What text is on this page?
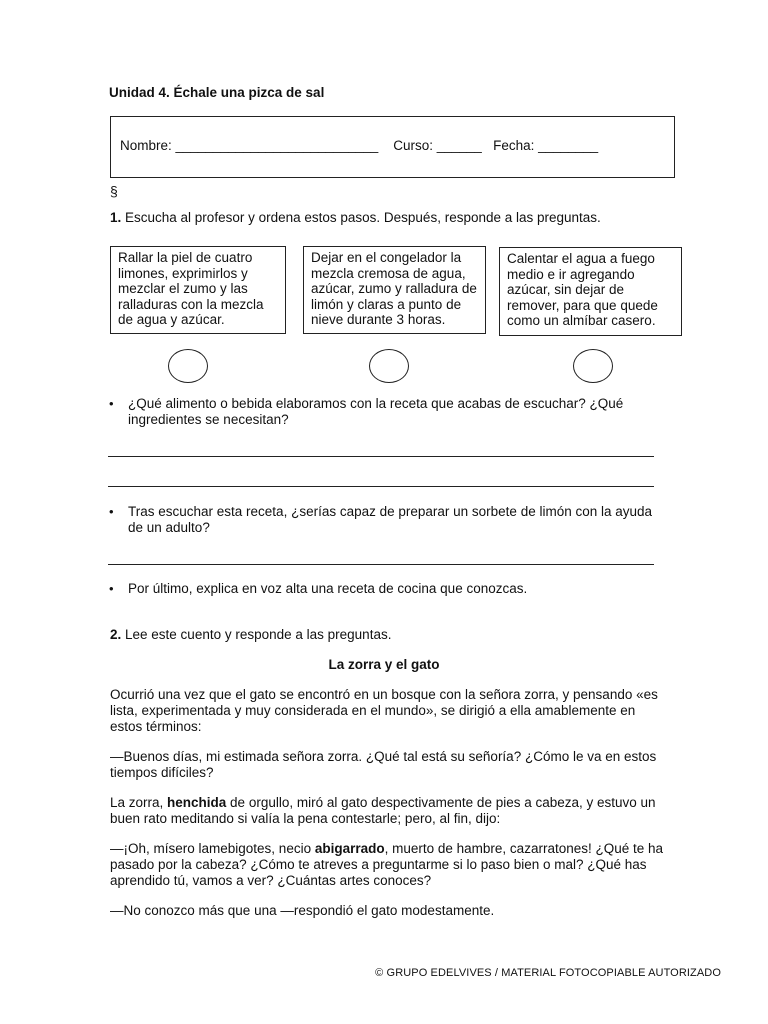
Unidad 4. Échale una pizca de sal
Nombre: ___________________________ Curso: ______ Fecha: ________
§
1. Escucha al profesor y ordena estos pasos. Después, responde a las preguntas.
Rallar la piel de cuatro limones, exprimirlos y mezclar el zumo y las ralladuras con la mezcla de agua y azúcar.
Dejar en el congelador la mezcla cremosa de agua, azúcar, zumo y ralladura de limón y claras a punto de nieve durante 3 horas.
Calentar el agua a fuego medio e ir agregando azúcar, sin dejar de remover, para que quede como un almíbar casero.
•	¿Qué alimento o bebida elaboramos con la receta que acabas de escuchar? ¿Qué ingredientes se necesitan?
•	Tras escuchar esta receta, ¿serías capaz de preparar un sorbete de limón con la ayuda de un adulto?
•	Por último, explica en voz alta una receta de cocina que conozcas.
2. Lee este cuento y responde a las preguntas.
La zorra y el gato
Ocurrió una vez que el gato se encontró en un bosque con la señora zorra, y pensando «es lista, experimentada y muy considerada en el mundo», se dirigió a ella amablemente en estos términos:
—Buenos días, mi estimada señora zorra. ¿Qué tal está su señoría? ¿Cómo le va en estos tiempos difíciles?
La zorra, henchida de orgullo, miró al gato despectivamente de pies a cabeza, y estuvo un buen rato meditando si valía la pena contestarle; pero, al fin, dijo:
—¡Oh, mísero lamebigotes, necio abigarrado, muerto de hambre, cazarratones! ¿Qué te ha pasado por la cabeza? ¿Cómo te atreves a preguntarme si lo paso bien o mal? ¿Qué has aprendido tú, vamos a ver? ¿Cuántas artes conoces?
—No conozco más que una —respondió el gato modestamente.
© GRUPO EDELVIVES / MATERIAL FOTOCOPIABLE AUTORIZADO
